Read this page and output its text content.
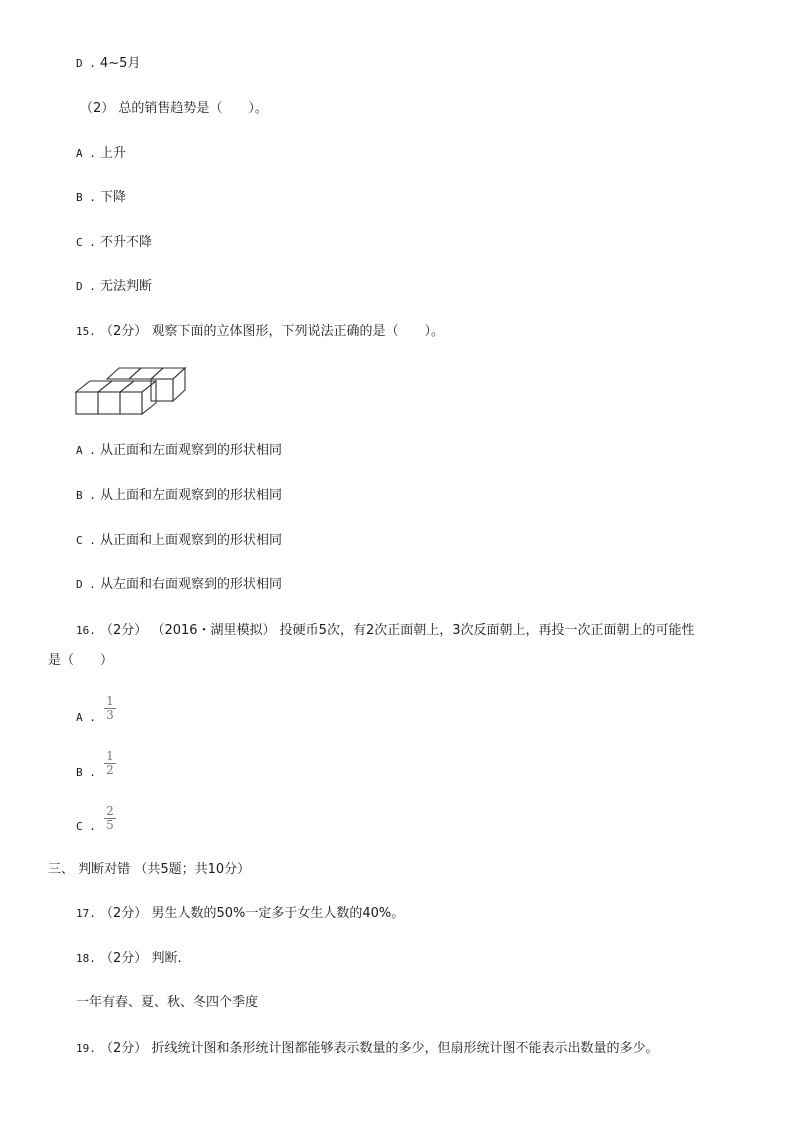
D . 4~5月
（2） 总的销售趋势是（　　）。
A . 上升
B . 下降
C . 不升不降
D . 无法判断
15. （2分） 观察下面的立体图形，下列说法正确的是（　　）。
A . 从正面和左面观察到的形状相同
B . 从上面和左面观察到的形状相同
C . 从正面和上面观察到的形状相同
D . 从左面和右面观察到的形状相同
16. （2分） （2016・湖里模拟） 投硬币5次，有2次正面朝上，3次反面朝上，再投一次正面朝上的可能性
是（　　）
A .
1
3
B .
1
2
C .
2
5
三、 判断对错 （共5题；共10分）
17. （2分） 男生人数的50%一定多于女生人数的40%。
18. （2分） 判断.
一年有春、夏、秋、冬四个季度
19. （2分） 折线统计图和条形统计图都能够表示数量的多少，但扇形统计图不能表示出数量的多少。
